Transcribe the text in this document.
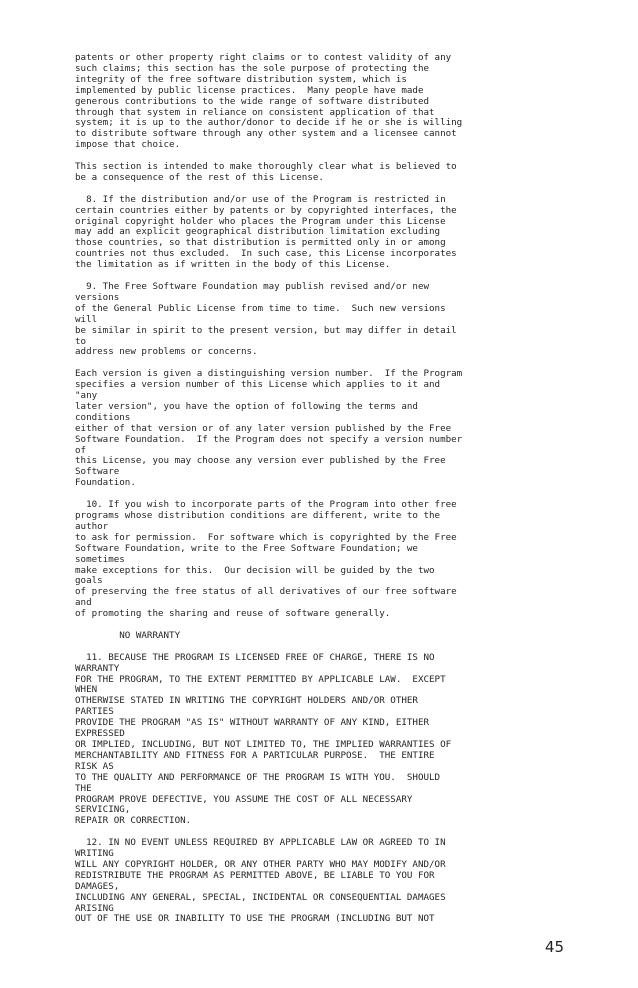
patents or other property right claims or to contest validity of any
such claims; this section has the sole purpose of protecting the
integrity of the free software distribution system, which is
implemented by public license practices.  Many people have made
generous contributions to the wide range of software distributed
through that system in reliance on consistent application of that
system; it is up to the author/donor to decide if he or she is willing
to distribute software through any other system and a licensee cannot
impose that choice.

This section is intended to make thoroughly clear what is believed to
be a consequence of the rest of this License.

8. If the distribution and/or use of the Program is restricted in
certain countries either by patents or by copyrighted interfaces, the
original copyright holder who places the Program under this License
may add an explicit geographical distribution limitation excluding
those countries, so that distribution is permitted only in or among
countries not thus excluded.  In such case, this License incorporates
the limitation as if written in the body of this License.

9. The Free Software Foundation may publish revised and/or new
versions
of the General Public License from time to time.  Such new versions
will
be similar in spirit to the present version, but may differ in detail
to
address new problems or concerns.

Each version is given a distinguishing version number.  If the Program
specifies a version number of this License which applies to it and
"any
later version", you have the option of following the terms and
conditions
either of that version or of any later version published by the Free
Software Foundation.  If the Program does not specify a version number
of
this License, you may choose any version ever published by the Free
Software
Foundation.

10. If you wish to incorporate parts of the Program into other free
programs whose distribution conditions are different, write to the
author
to ask for permission.  For software which is copyrighted by the Free
Software Foundation, write to the Free Software Foundation; we
sometimes
make exceptions for this.  Our decision will be guided by the two
goals
of preserving the free status of all derivatives of our free software
and
of promoting the sharing and reuse of software generally.

NO WARRANTY

11. BECAUSE THE PROGRAM IS LICENSED FREE OF CHARGE, THERE IS NO
WARRANTY
FOR THE PROGRAM, TO THE EXTENT PERMITTED BY APPLICABLE LAW.  EXCEPT
WHEN
OTHERWISE STATED IN WRITING THE COPYRIGHT HOLDERS AND/OR OTHER
PARTIES
PROVIDE THE PROGRAM "AS IS" WITHOUT WARRANTY OF ANY KIND, EITHER
EXPRESSED
OR IMPLIED, INCLUDING, BUT NOT LIMITED TO, THE IMPLIED WARRANTIES OF
MERCHANTABILITY AND FITNESS FOR A PARTICULAR PURPOSE.  THE ENTIRE
RISK AS
TO THE QUALITY AND PERFORMANCE OF THE PROGRAM IS WITH YOU.  SHOULD
THE
PROGRAM PROVE DEFECTIVE, YOU ASSUME THE COST OF ALL NECESSARY
SERVICING,
REPAIR OR CORRECTION.

12. IN NO EVENT UNLESS REQUIRED BY APPLICABLE LAW OR AGREED TO IN
WRITING
WILL ANY COPYRIGHT HOLDER, OR ANY OTHER PARTY WHO MAY MODIFY AND/OR
REDISTRIBUTE THE PROGRAM AS PERMITTED ABOVE, BE LIABLE TO YOU FOR
DAMAGES,
INCLUDING ANY GENERAL, SPECIAL, INCIDENTAL OR CONSEQUENTIAL DAMAGES
ARISING
OUT OF THE USE OR INABILITY TO USE THE PROGRAM (INCLUDING BUT NOT

45
